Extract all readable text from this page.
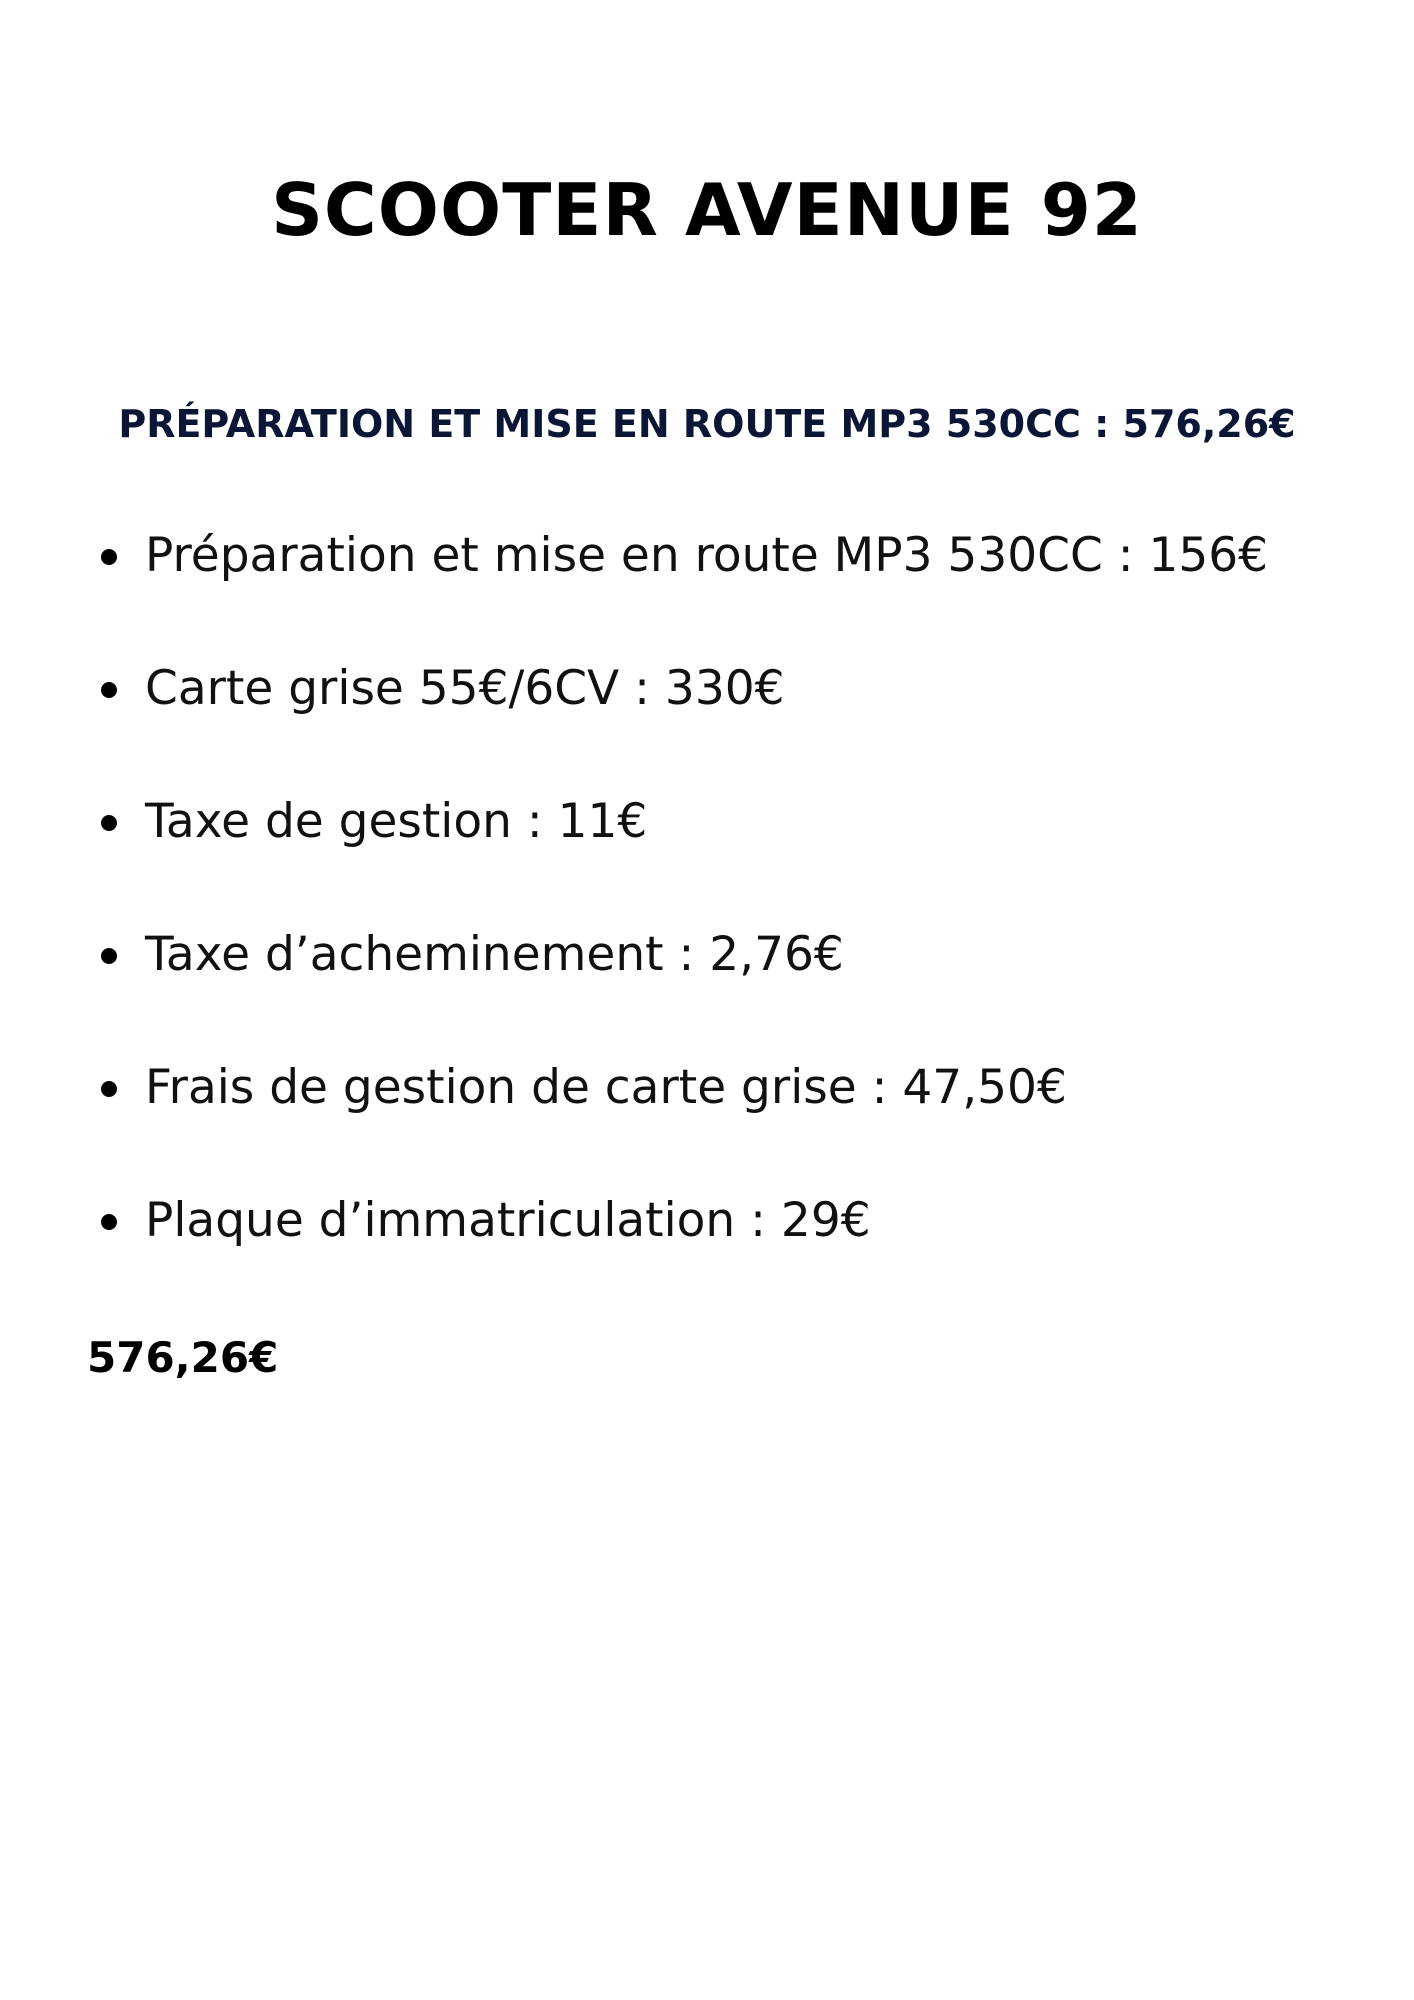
SCOOTER AVENUE 92
PRÉPARATION ET MISE EN ROUTE MP3 530CC : 576,26€
Préparation et mise en route MP3 530CC : 156€
Carte grise 55€/6CV : 330€
Taxe de gestion : 11€
Taxe d’acheminement : 2,76€
Frais de gestion de carte grise : 47,50€
Plaque d’immatriculation : 29€
576,26€
